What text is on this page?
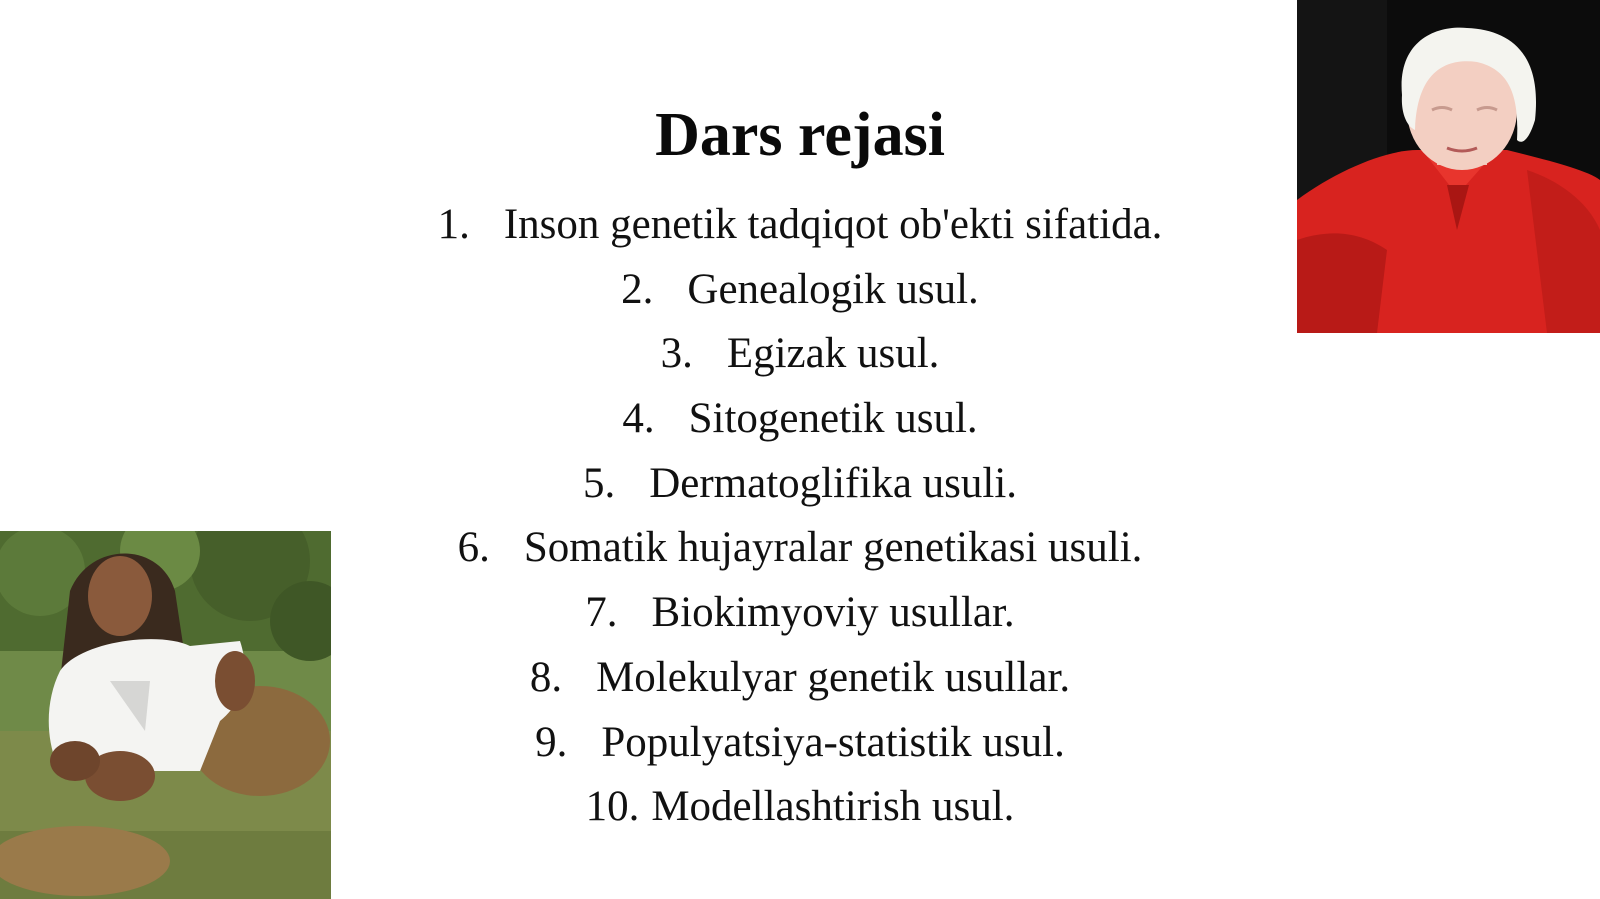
Dars rejasi
1. Inson genetik tadqiqot ob'ekti sifatida.
2. Genealogik usul.
3. Egizak usul.
4. Sitogenetik usul.
5. Dermatoglifika usuli.
6. Somatik hujayralar genetikasi usuli.
7. Biokimyoviy usullar.
8. Molekulyar genetik usullar.
9. Populyatsiya-statistik usul.
10. Modellashtirish usul.
